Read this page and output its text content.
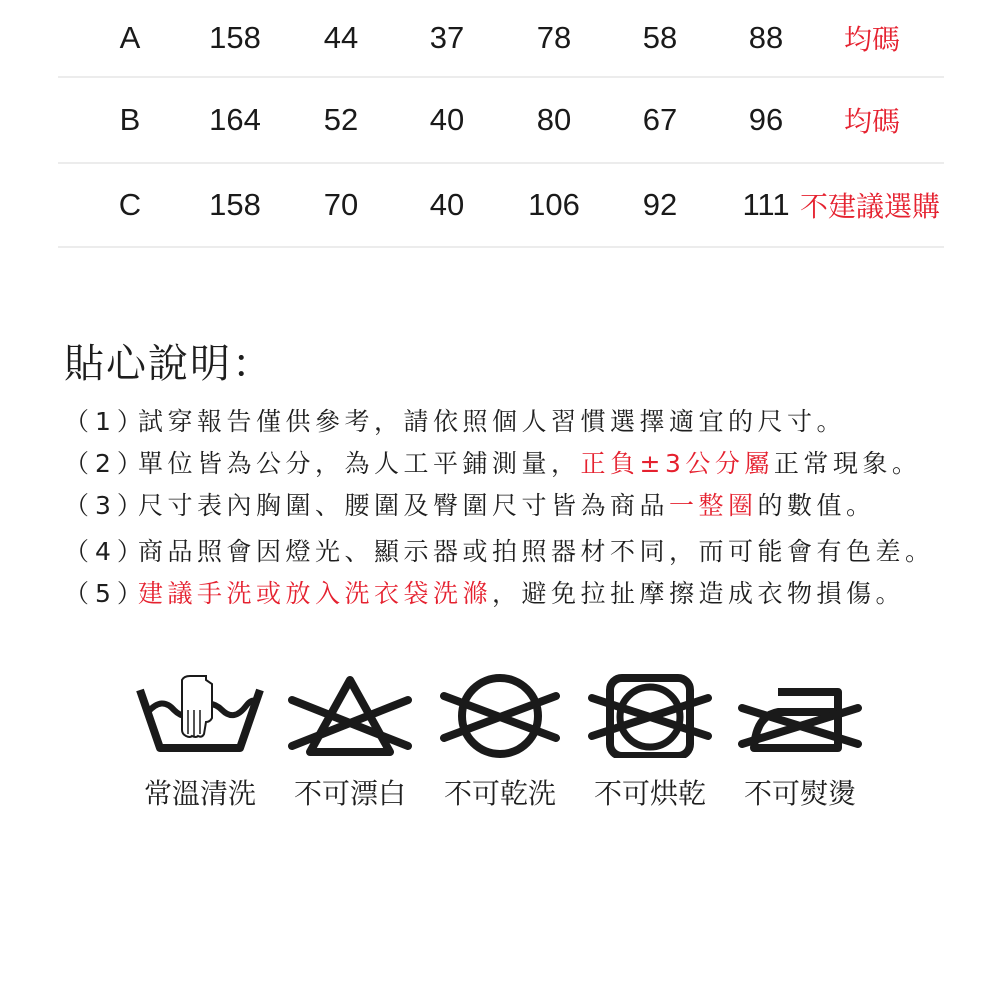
A 158 44 37 78 58 88 均碼
B 164 52 40 80 67 96 均碼
C 158 70 40 106 92 111 不建議選購
貼心說明：
（1）試穿報告僅供參考，請依照個人習慣選擇適宜的尺寸。
（2）單位皆為公分，為人工平鋪測量，正負±3公分屬正常現象。
（3）尺寸表內胸圍、腰圍及臀圍尺寸皆為商品一整圈的數值。
（4）商品照會因燈光、顯示器或拍照器材不同，而可能會有色差。
（5）建議手洗或放入洗衣袋洗滌，避免拉扯摩擦造成衣物損傷。
常溫清洗	不可漂白	不可乾洗	不可烘乾	不可熨燙
